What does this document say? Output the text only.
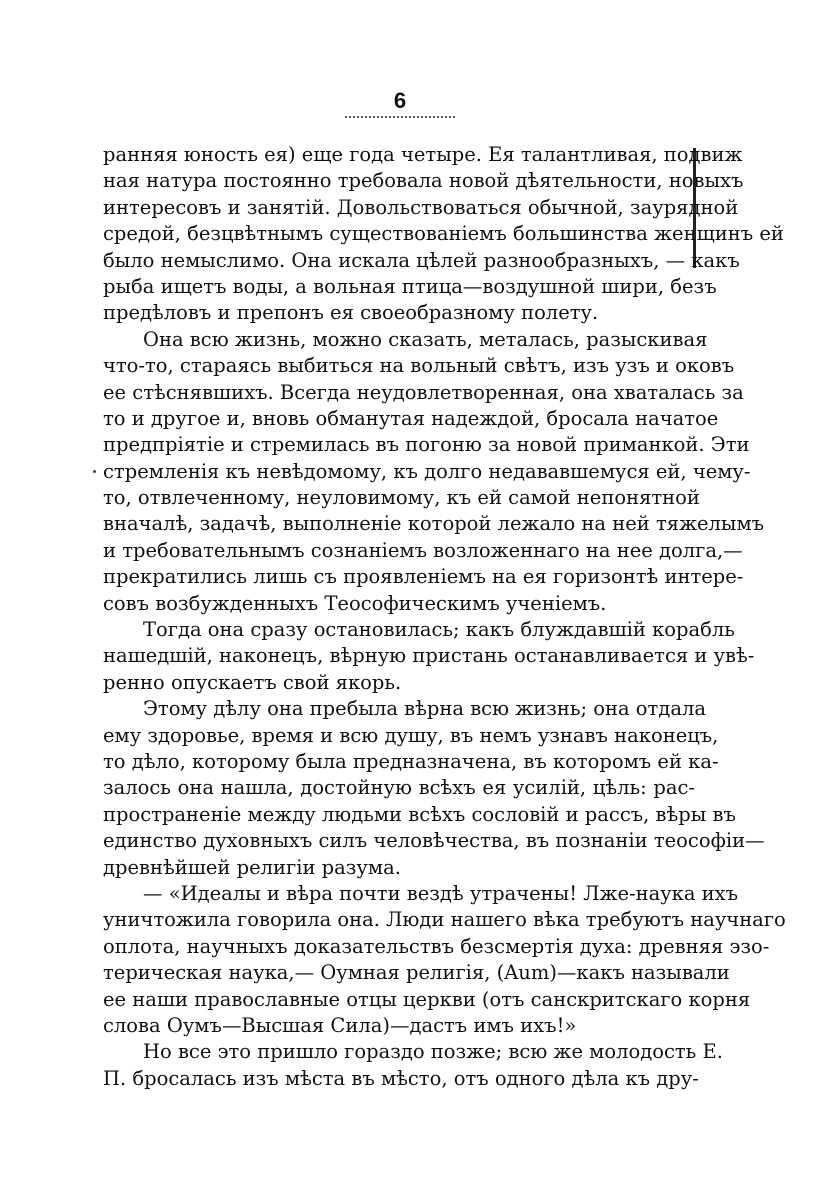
6
ранняя юность ея) еще года четыре. Ея талантливая, подвиж
ная натура постоянно требовала новой дѣятельности, новыхъ
интересовъ и занятій. Довольствоваться обычной, заурядной
средой, безцвѣтнымъ существованіемъ большинства женщинъ ей
было немыслимо. Она искала цѣлей разнообразныхъ, — какъ
рыба ищетъ воды, а вольная птица—воздушной шири, безъ
предѣловъ и препонъ ея своеобразному полету.
Она всю жизнь, можно сказать, металась, разыскивая
что-то, стараясь выбиться на вольный свѣтъ, изъ узъ и оковъ
ее стѣснявшихъ. Всегда неудовлетворенная, она хваталась за
то и другое и, вновь обманутая надеждой, бросала начатое
предпріятіе и стремилась въ погоню за новой приманкой. Эти
стремленія къ невѣдомому, къ долго недававшемуся ей, чему-
то, отвлеченному, неуловимому, къ ей самой непонятной
вначалѣ, задачѣ, выполненіе которой лежало на ней тяжелымъ
и требовательнымъ сознаніемъ возложеннаго на нее долга,—
прекратились лишь съ проявленіемъ на ея горизонтѣ интере-
совъ возбужденныхъ Теософическимъ ученіемъ.
Тогда она сразу остановилась; какъ блуждавшій корабль
нашедшій, наконецъ, вѣрную пристань останавливается и увѣ-
ренно опускаетъ свой якорь.
Этому дѣлу она пребыла вѣрна всю жизнь; она отдала
ему здоровье, время и всю душу, въ немъ узнавъ наконецъ,
то дѣло, которому была предназначена, въ которомъ ей ка-
залось она нашла, достойную всѣхъ ея усилій, цѣль: рас-
пространеніе между людьми всѣхъ сословій и рассъ, вѣры въ
единство духовныхъ силъ человѣчества, въ познаніи теософіи—
древнѣйшей религіи разума.
— «Идеалы и вѣра почти вездѣ утрачены! Лже-наука ихъ
уничтожила говорила она. Люди нашего вѣка требуютъ научнаго
оплота, научныхъ доказательствъ безсмертія духа: древняя эзо-
терическая наука,— Оумная религія, (Aum)—какъ называли
ее наши православные отцы церкви (отъ санскритскаго корня
слова Оумъ—Высшая Сила)—дастъ имъ ихъ!»
Но все это пришло гораздо позже; всю же молодость Е.
П. бросалась изъ мѣста въ мѣсто, отъ одного дѣла къ дру-
